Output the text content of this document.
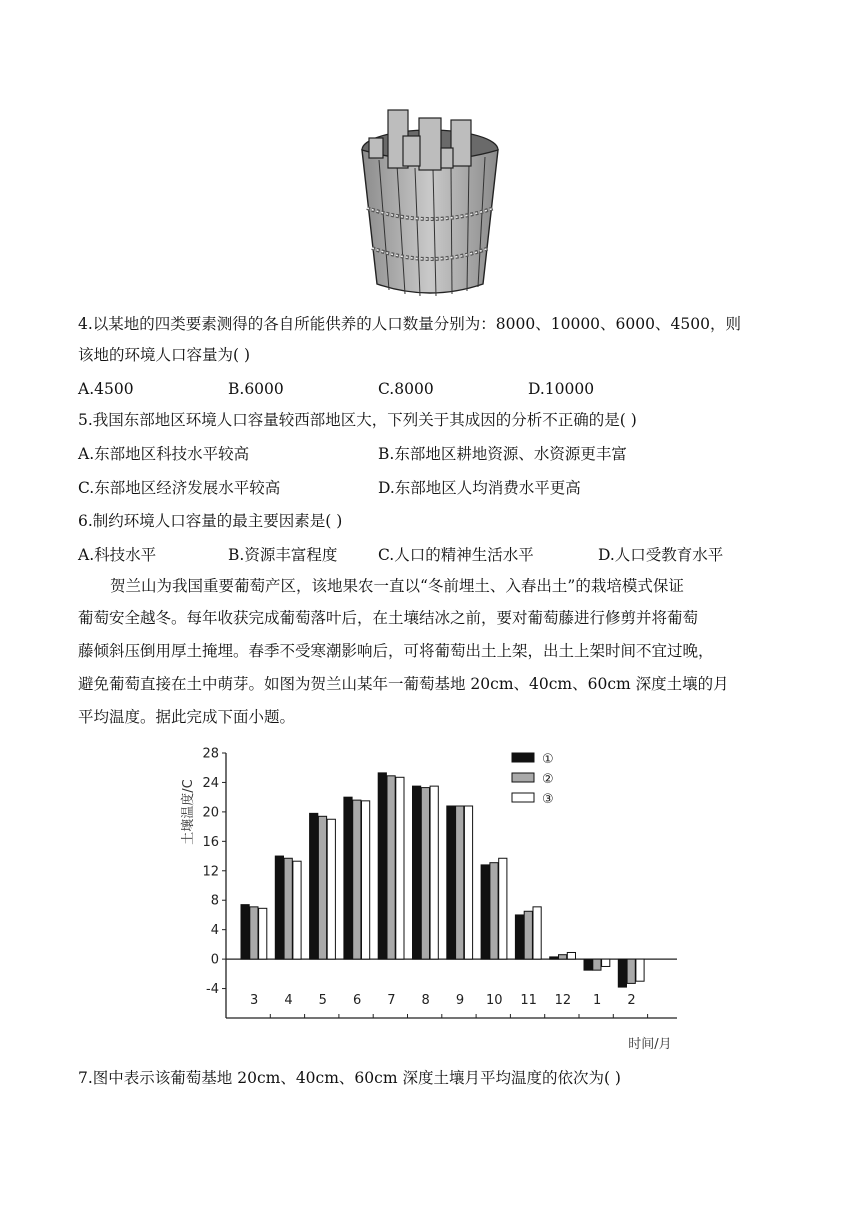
4.以某地的四类要素测得的各自所能供养的人口数量分别为：8000、10000、6000、4500，则
该地的环境人口容量为( )
A.4500	B.6000	C.8000	D.10000
5.我国东部地区环境人口容量较西部地区大，下列关于其成因的分析不正确的是( )
A.东部地区科技水平较高	B.东部地区耕地资源、水资源更丰富
C.东部地区经济发展水平较高	D.东部地区人均消费水平更高
6.制约环境人口容量的最主要因素是( )
A.科技水平	B.资源丰富程度	C.人口的精神生活水平	D.人口受教育水平
贺兰山为我国重要葡萄产区，该地果农一直以“冬前埋土、入春出土”的栽培模式保证
葡萄安全越冬。每年收获完成葡萄落叶后，在土壤结冰之前，要对葡萄藤进行修剪并将葡萄
藤倾斜压倒用厚土掩埋。春季不受寒潮影响后，可将葡萄出土上架，出土上架时间不宜过晚，
避免葡萄直接在土中萌芽。如图为贺兰山某年一葡萄基地 20cm、40cm、60cm 深度土壤的月
平均温度。据此完成下面小题。
28
24
20
16
12
8
4
0
-4
3 4 5 6 7 8 9 10 11 12 1 2
①
②
③
土壤温度/C
时间/月
7.图中表示该葡萄基地 20cm、40cm、60cm 深度土壤月平均温度的依次为( )
